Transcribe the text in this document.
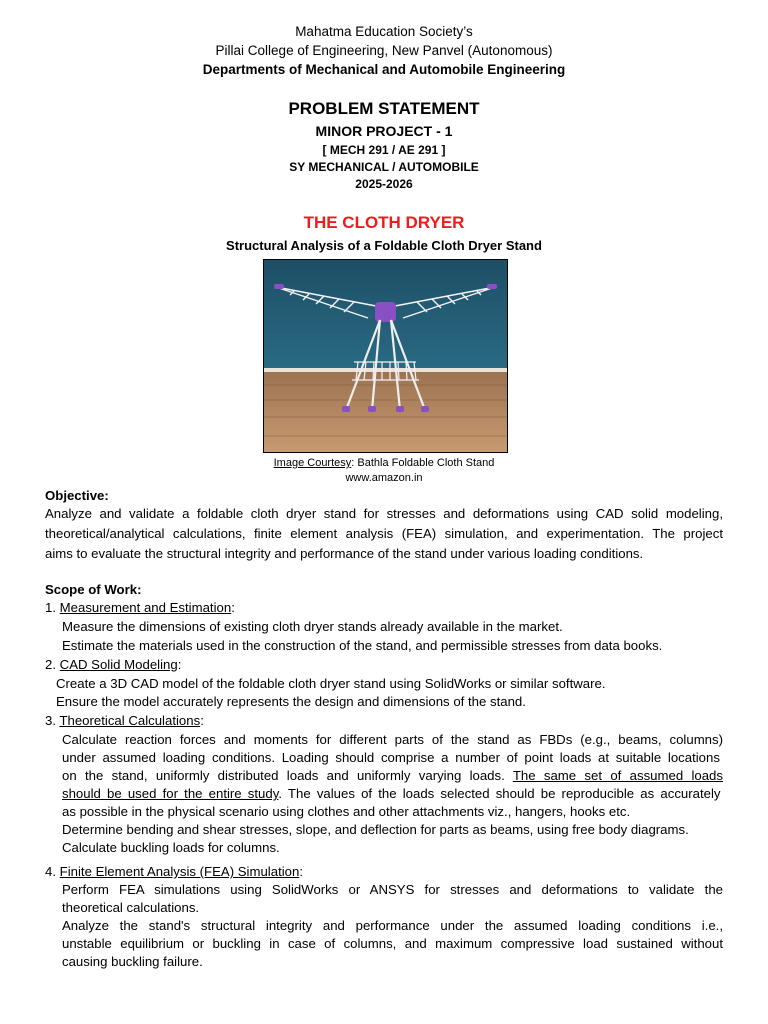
Mahatma Education Society’s
Pillai College of Engineering, New Panvel (Autonomous)
Departments of Mechanical and Automobile Engineering
PROBLEM STATEMENT
MINOR PROJECT - 1
[ MECH 291 / AE 291 ]
SY MECHANICAL / AUTOMOBILE
2025-2026
THE CLOTH DRYER
Structural Analysis of a Foldable Cloth Dryer Stand
Image Courtesy: Bathla Foldable Cloth Stand
www.amazon.in
Objective:
Analyze and validate a foldable cloth dryer stand for stresses and deformations using CAD solid modeling,
theoretical/analytical calculations, finite element analysis (FEA) simulation, and experimentation. The project
aims to evaluate the structural integrity and performance of the stand under various loading conditions.
Scope of Work:
1. Measurement and Estimation:
Measure the dimensions of existing cloth dryer stands already available in the market.
Estimate the materials used in the construction of the stand, and permissible stresses from data books.
2. CAD Solid Modeling:
Create a 3D CAD model of the foldable cloth dryer stand using SolidWorks or similar software.
Ensure the model accurately represents the design and dimensions of the stand.
3. Theoretical Calculations:
Calculate reaction forces and moments for different parts of the stand as FBDs (e.g., beams, columns)
under assumed loading conditions. Loading should comprise a number of point loads at suitable locations
on the stand, uniformly distributed loads and uniformly varying loads. The same set of assumed loads
should be used for the entire study. The values of the loads selected should be reproducible as accurately
as possible in the physical scenario using clothes and other attachments viz., hangers, hooks etc.
Determine bending and shear stresses, slope, and deflection for parts as beams, using free body diagrams.
Calculate buckling loads for columns.
4. Finite Element Analysis (FEA) Simulation:
Perform FEA simulations using SolidWorks or ANSYS for stresses and deformations to validate the
theoretical calculations.
Analyze the stand's structural integrity and performance under the assumed loading conditions i.e.,
unstable equilibrium or buckling in case of columns, and maximum compressive load sustained without
causing buckling failure.
